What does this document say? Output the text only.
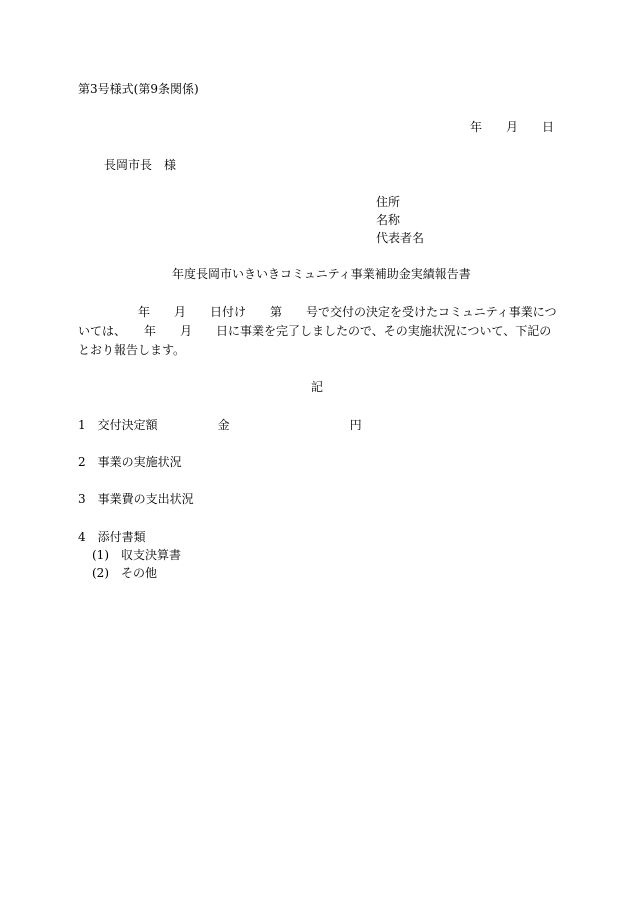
第3号様式(第9条関係)

年　　月　　日

長岡市長　様

住所

名称

代表者名

年度長岡市いきいきコミュニティ事業補助金実績報告書

　　　　　年　　月　　日付け　　第　　号で交付の決定を受けたコミュニティ事業につ

いては、　　年　　月　　日に事業を完了しましたので、その実施状況について、下記の

とおり報告します。

記

1　交付決定額　　　　　金　　　　　　　　　　円

2　事業の実施状況

3　事業費の支出状況

4　添付書類

(1)　収支決算書

(2)　その他
